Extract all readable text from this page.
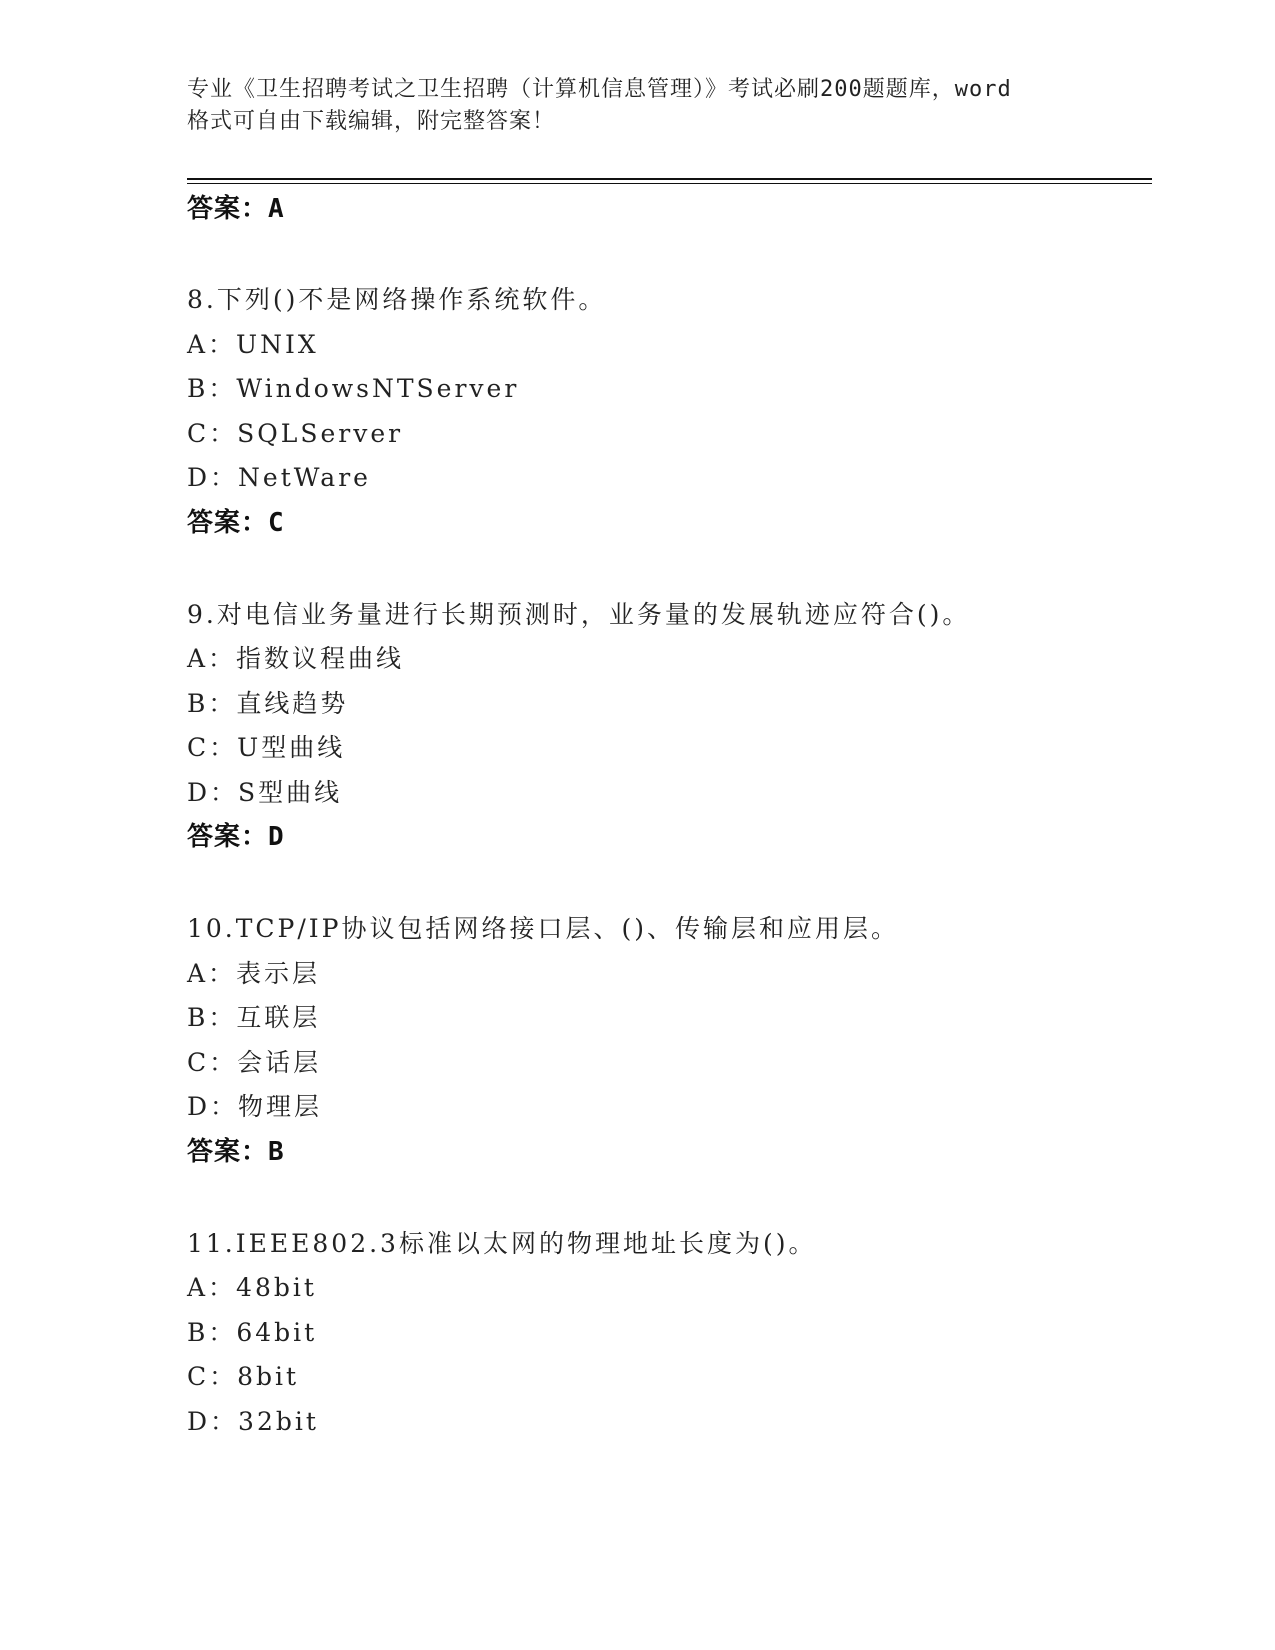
专业《卫生招聘考试之卫生招聘（计算机信息管理）》考试必刷200题题库，word
格式可自由下载编辑，附完整答案！
答案：A
8.下列()不是网络操作系统软件。
A：UNIX
B：WindowsNTServer
C：SQLServer
D：NetWare
答案：C
9.对电信业务量进行长期预测时，业务量的发展轨迹应符合()。
A：指数议程曲线
B：直线趋势
C：U型曲线
D：S型曲线
答案：D
10.TCP/IP协议包括网络接口层、()、传输层和应用层。
A：表示层
B：互联层
C：会话层
D：物理层
答案：B
11.IEEE802.3标准以太网的物理地址长度为()。
A：48bit
B：64bit
C：8bit
D：32bit
